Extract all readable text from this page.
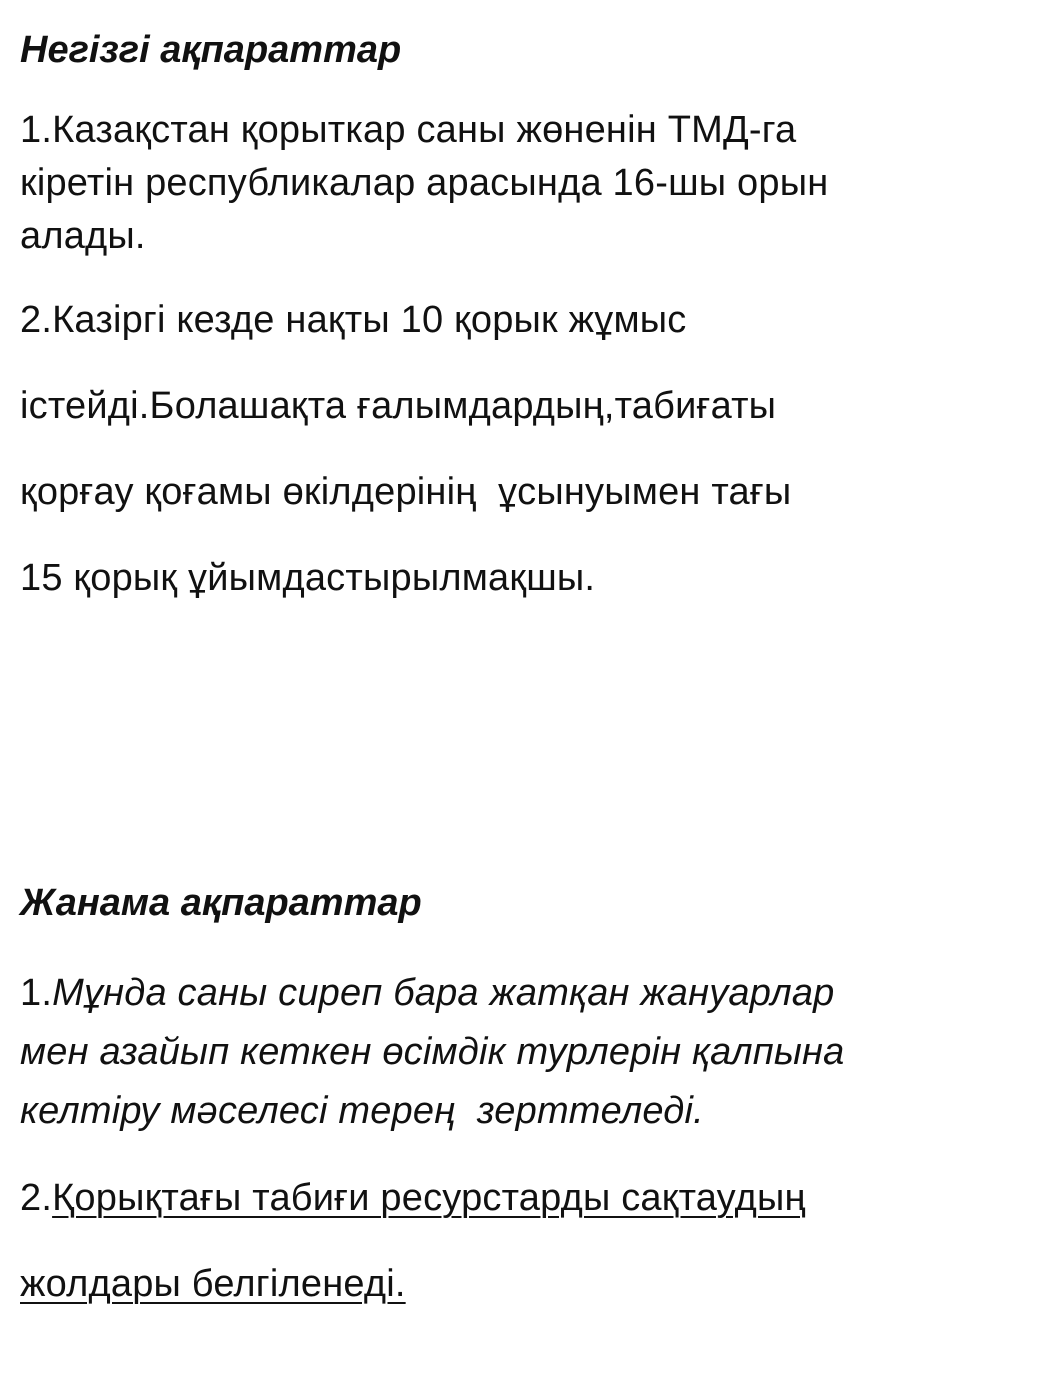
Негізгі ақпараттар

1.Казақстан қорыткар саны жөненін ТМД-га

кіретін республикалар арасында 16-шы орын

алады.

2.Казіргі кезде нақты 10 қорык жұмыс

істейді.Болашақта ғалымдардың,табиғаты

қорғау қоғамы өкілдерінің  ұсынуымен тағы

15 қорық ұйымдастырылмақшы.

Жанама ақпараттар

1.Мұнда саны сиреп бара жатқан жануарлар

мен азайып кеткен өсімдік турлерін қалпына

келтіру мәселесі терең  зерттеледі.

2.Қорықтағы табиғи ресурстарды сақтаудың

жолдары белгіленеді.
